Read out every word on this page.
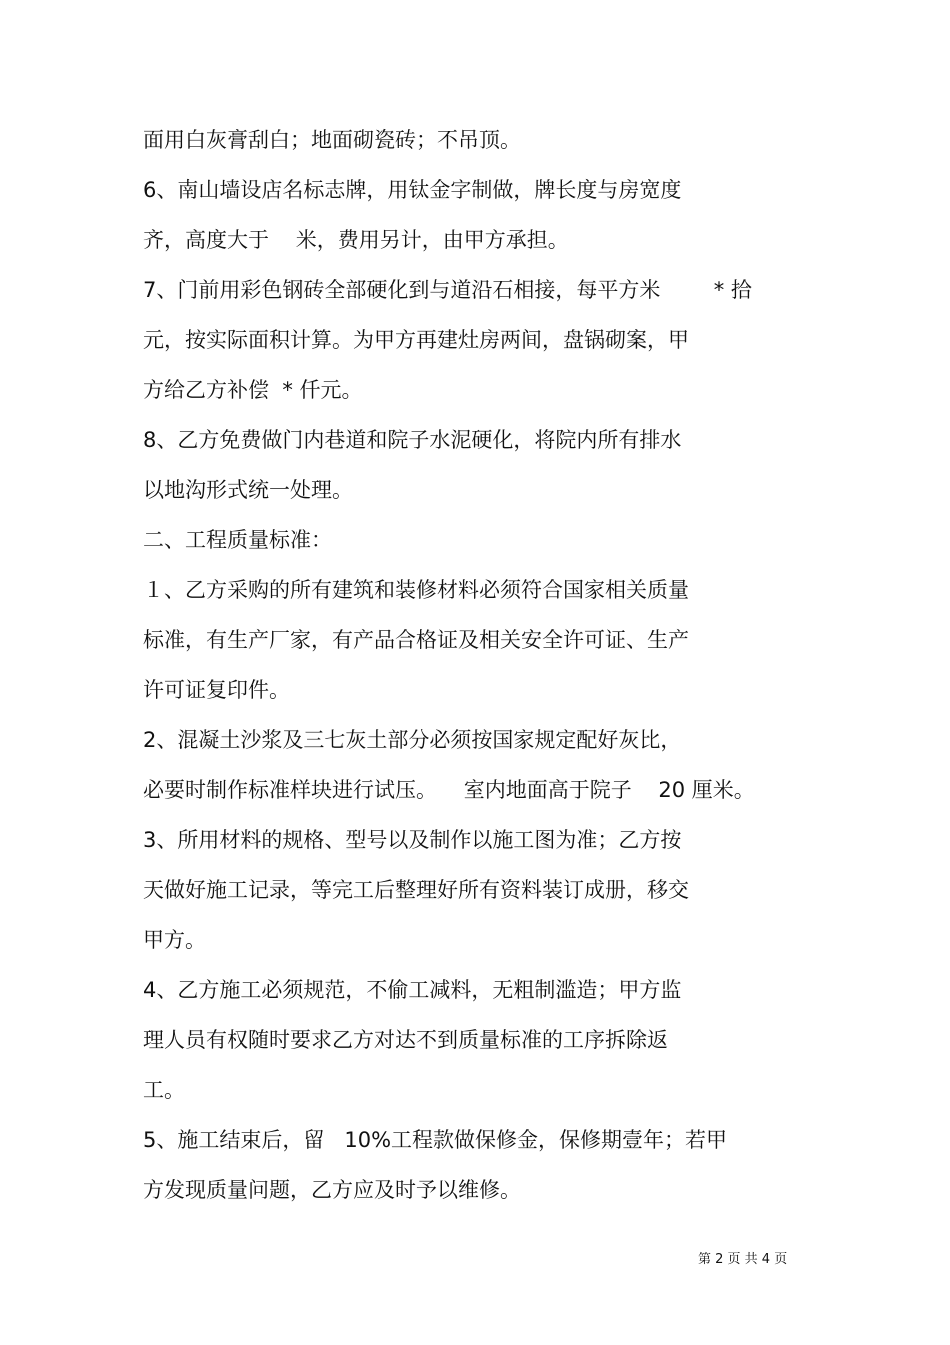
面用白灰膏刮白；地面砌瓷砖；不吊顶。
6、南山墙设店名标志牌，用钛金字制做，牌长度与房宽度
齐，高度大于    米，费用另计，由甲方承担。
7、门前用彩色钢砖全部硬化到与道沿石相接，每平方米        * 拾
元，按实际面积计算。为甲方再建灶房两间，盘锅砌案，甲
方给乙方补偿  * 仟元。
8、乙方免费做门内巷道和院子水泥硬化，将院内所有排水
以地沟形式统一处理。
二、工程质量标准：
１、乙方采购的所有建筑和装修材料必须符合国家相关质量
标准，有生产厂家，有产品合格证及相关安全许可证、生产
许可证复印件。
2、混凝土沙浆及三七灰土部分必须按国家规定配好灰比，
必要时制作标准样块进行试压。    室内地面高于院子    20 厘米。
3、所用材料的规格、型号以及制作以施工图为准；乙方按
天做好施工记录，等完工后整理好所有资料装订成册，移交
甲方。
4、乙方施工必须规范，不偷工减料，无粗制滥造；甲方监
理人员有权随时要求乙方对达不到质量标准的工序拆除返
工。
5、施工结束后，留   10%工程款做保修金，保修期壹年；若甲
方发现质量问题，乙方应及时予以维修。
第 2 页 共 4 页
